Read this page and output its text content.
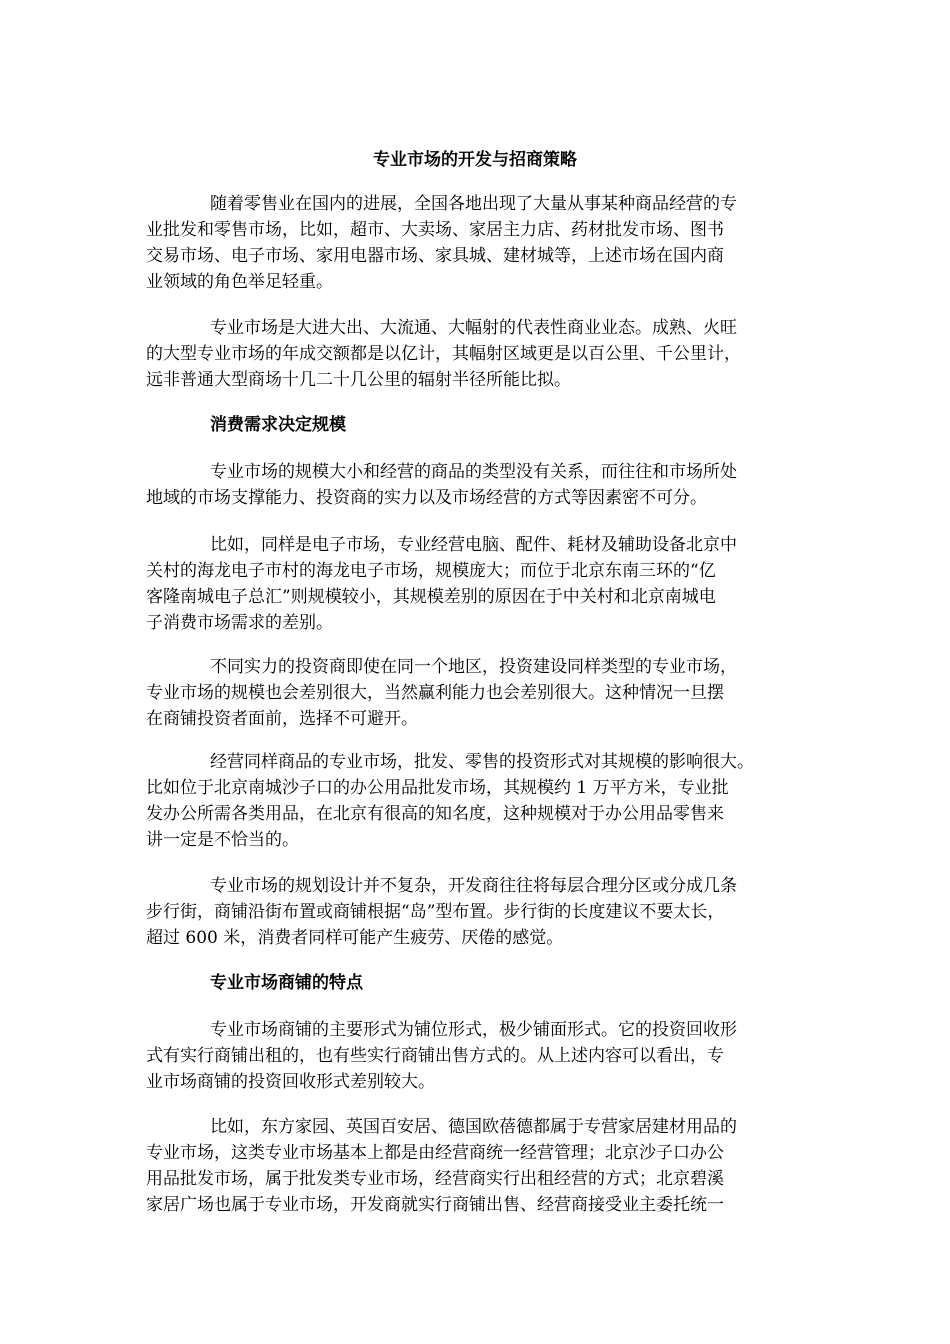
专业市场的开发与招商策略
随着零售业在国内的进展，全国各地出现了大量从事某种商品经营的专
业批发和零售市场，比如，超市、大卖场、家居主力店、药材批发市场、图书
交易市场、电子市场、家用电器市场、家具城、建材城等，上述市场在国内商
业领域的角色举足轻重。
专业市场是大进大出、大流通、大幅射的代表性商业业态。成熟、火旺
的大型专业市场的年成交额都是以亿计，其幅射区域更是以百公里、千公里计，
远非普通大型商场十几二十几公里的辐射半径所能比拟。
消费需求决定规模
专业市场的规模大小和经营的商品的类型没有关系，而往往和市场所处
地域的市场支撑能力、投资商的实力以及市场经营的方式等因素密不可分。
比如，同样是电子市场，专业经营电脑、配件、耗材及辅助设备北京中
关村的海龙电子市村的海龙电子市场，规模庞大；而位于北京东南三环的“亿
客隆南城电子总汇”则规模较小，其规模差别的原因在于中关村和北京南城电
子消费市场需求的差别。
不同实力的投资商即使在同一个地区，投资建设同样类型的专业市场，
专业市场的规模也会差别很大，当然赢利能力也会差别很大。这种情况一旦摆
在商铺投资者面前，选择不可避开。
经营同样商品的专业市场，批发、零售的投资形式对其规模的影响很大。
比如位于北京南城沙子口的办公用品批发市场，其规模约 1 万平方米，专业批
发办公所需各类用品，在北京有很高的知名度，这种规模对于办公用品零售来
讲一定是不恰当的。
专业市场的规划设计并不复杂，开发商往往将每层合理分区或分成几条
步行街，商铺沿街布置或商铺根据“岛”型布置。步行街的长度建议不要太长，
超过 600 米，消费者同样可能产生疲劳、厌倦的感觉。
专业市场商铺的特点
专业市场商铺的主要形式为铺位形式，极少铺面形式。它的投资回收形
式有实行商铺出租的，也有些实行商铺出售方式的。从上述内容可以看出，专
业市场商铺的投资回收形式差别较大。
比如，东方家园、英国百安居、德国欧蓓德都属于专营家居建材用品的
专业市场，这类专业市场基本上都是由经营商统一经营管理；北京沙子口办公
用品批发市场，属于批发类专业市场，经营商实行出租经营的方式；北京碧溪
家居广场也属于专业市场，开发商就实行商铺出售、经营商接受业主委托统一
